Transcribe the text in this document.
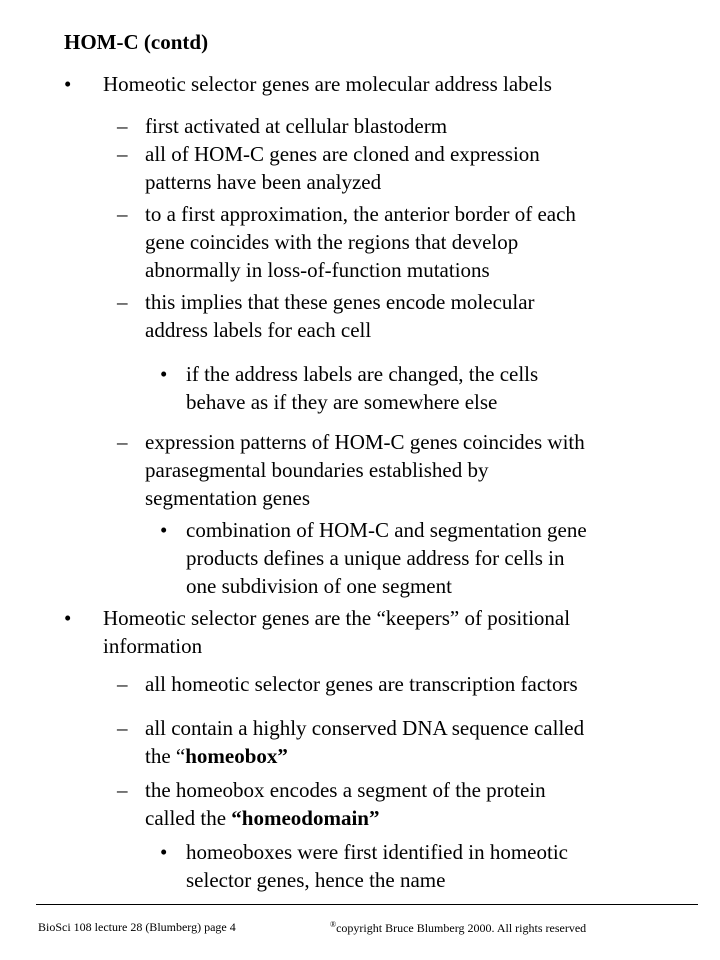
HOM-C (contd)
• Homeotic selector genes are molecular address labels
– first activated at cellular blastoderm
– all of HOM-C genes are cloned and expression
patterns have been analyzed
– to a first approximation, the anterior border of each
gene coincides with the regions that develop
abnormally in loss-of-function mutations
– this implies that these genes encode molecular
address labels for each cell
• if the address labels are changed, the cells
behave as if they are somewhere else
– expression patterns of HOM-C genes coincides with
parasegmental boundaries established by
segmentation genes
• combination of HOM-C and segmentation gene
products defines a unique address for cells in
one subdivision of one segment
• Homeotic selector genes are the “keepers” of positional
information
– all homeotic selector genes are transcription factors
– all contain a highly conserved DNA sequence called
the “homeobox”
– the homeobox encodes a segment of the protein
called the “homeodomain”
• homeoboxes were first identified in homeotic
selector genes, hence the name
BioSci 108 lecture 28 (Blumberg) page 4	®copyright Bruce Blumberg 2000. All rights reserved
